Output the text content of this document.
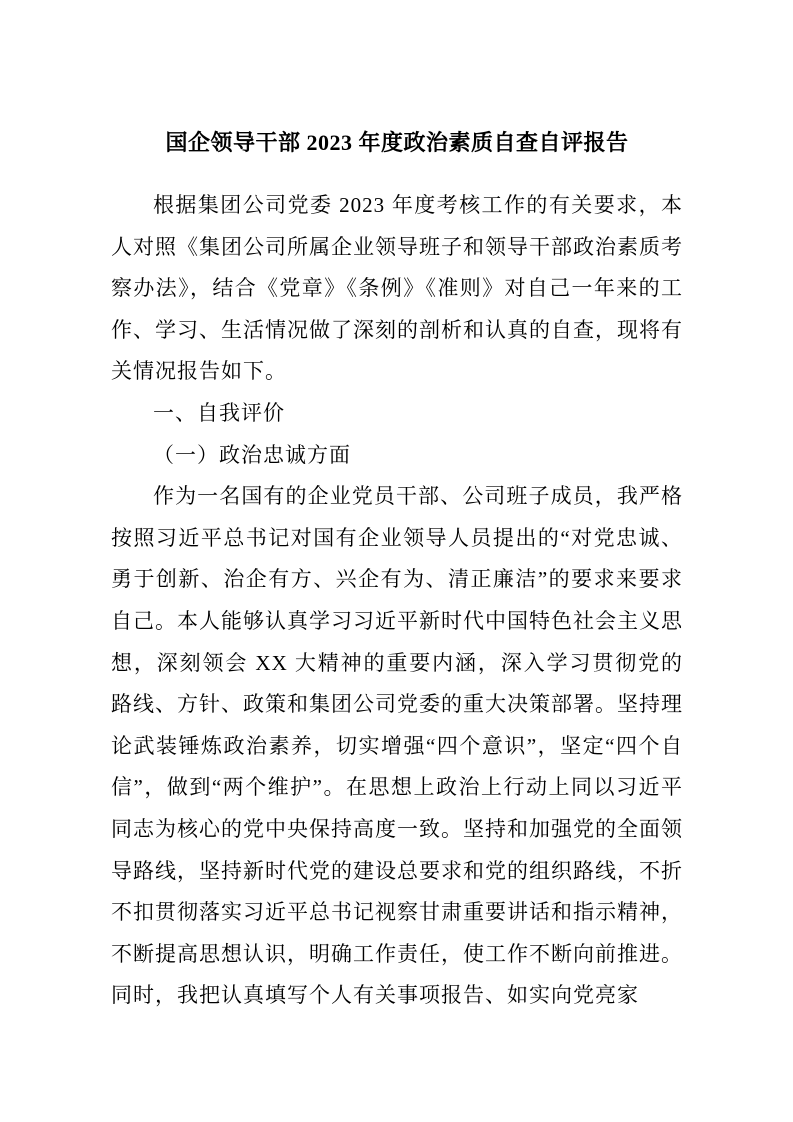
国企领导干部 2023 年度政治素质自查自评报告

根据集团公司党委 2023 年度考核工作的有关要求，本人对照《集团公司所属企业领导班子和领导干部政治素质考察办法》，结合《党章》《条例》《准则》对自己一年来的工作、学习、生活情况做了深刻的剖析和认真的自查，现将有关情况报告如下。

一、自我评价

（一）政治忠诚方面

作为一名国有的企业党员干部、公司班子成员，我严格按照习近平总书记对国有企业领导人员提出的“对党忠诚、勇于创新、治企有方、兴企有为、清正廉洁”的要求来要求自己。本人能够认真学习习近平新时代中国特色社会主义思想，深刻领会 XX 大精神的重要内涵，深入学习贯彻党的路线、方针、政策和集团公司党委的重大决策部署。坚持理论武装锤炼政治素养，切实增强“四个意识”，坚定“四个自信”，做到“两个维护”。在思想上政治上行动上同以习近平同志为核心的党中央保持高度一致。坚持和加强党的全面领导路线，坚持新时代党的建设总要求和党的组织路线，不折不扣贯彻落实习近平总书记视察甘肃重要讲话和指示精神，不断提高思想认识，明确工作责任，使工作不断向前推进。同时，我把认真填写个人有关事项报告、如实向党亮家
